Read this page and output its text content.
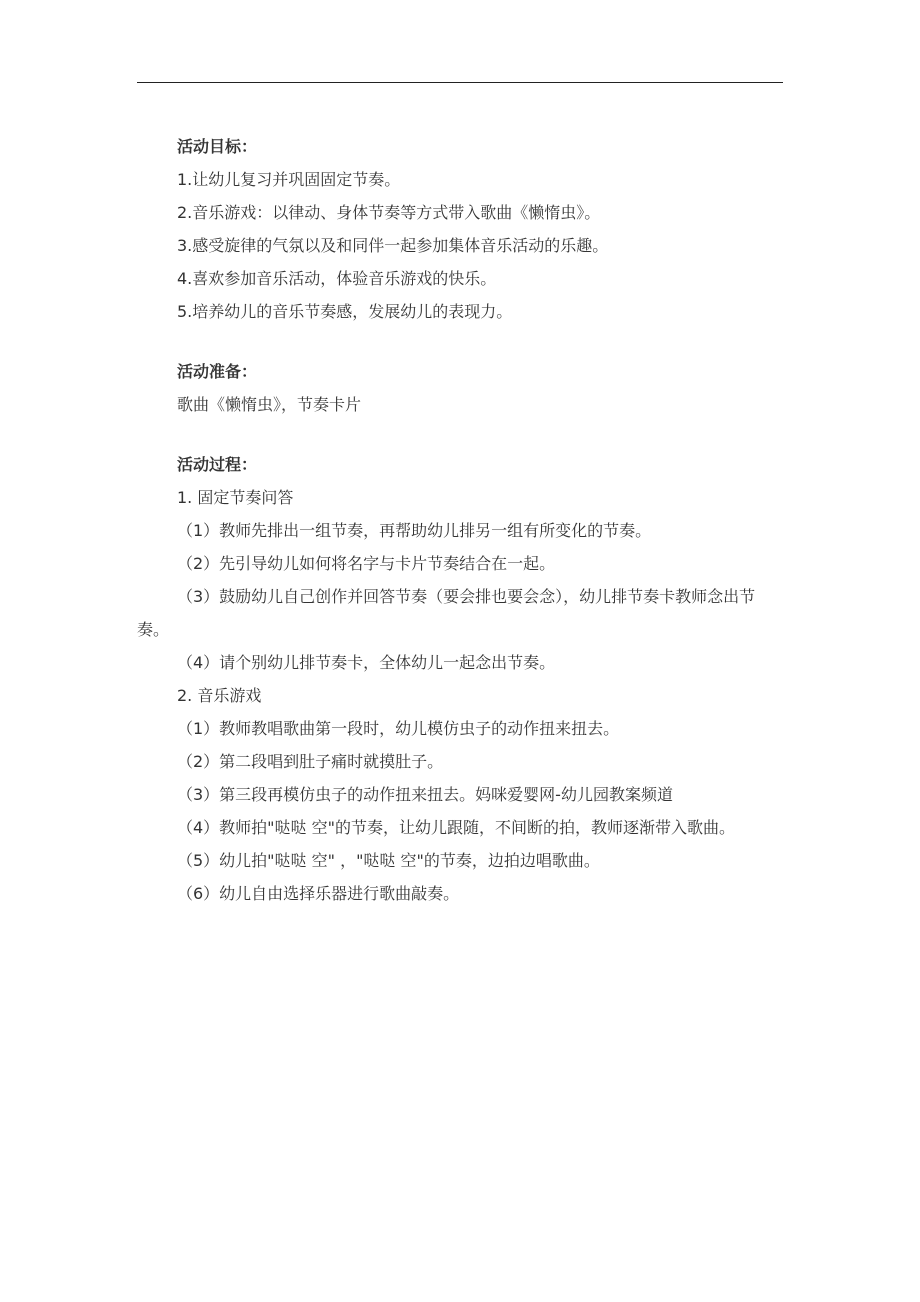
活动目标：
1.让幼儿复习并巩固固定节奏。
2.音乐游戏：以律动、身体节奏等方式带入歌曲《懒惰虫》。
3.感受旋律的气氛以及和同伴一起参加集体音乐活动的乐趣。
4.喜欢参加音乐活动，体验音乐游戏的快乐。
5.培养幼儿的音乐节奏感，发展幼儿的表现力。
活动准备：
歌曲《懒惰虫》，节奏卡片
活动过程：
1. 固定节奏问答
（1）教师先排出一组节奏，再帮助幼儿排另一组有所变化的节奏。
（2）先引导幼儿如何将名字与卡片节奏结合在一起。
（3）鼓励幼儿自己创作并回答节奏（要会排也要会念），幼儿排节奏卡教师念出节奏。
（4）请个别幼儿排节奏卡，全体幼儿一起念出节奏。
2. 音乐游戏
（1）教师教唱歌曲第一段时，幼儿模仿虫子的动作扭来扭去。
（2）第二段唱到肚子痛时就摸肚子。
（3）第三段再模仿虫子的动作扭来扭去。妈咪爱婴网-幼儿园教案频道
（4）教师拍"哒哒 空"的节奏，让幼儿跟随，不间断的拍，教师逐渐带入歌曲。
（5）幼儿拍"哒哒 空" ，"哒哒 空"的节奏，边拍边唱歌曲。
（6）幼儿自由选择乐器进行歌曲敲奏。
